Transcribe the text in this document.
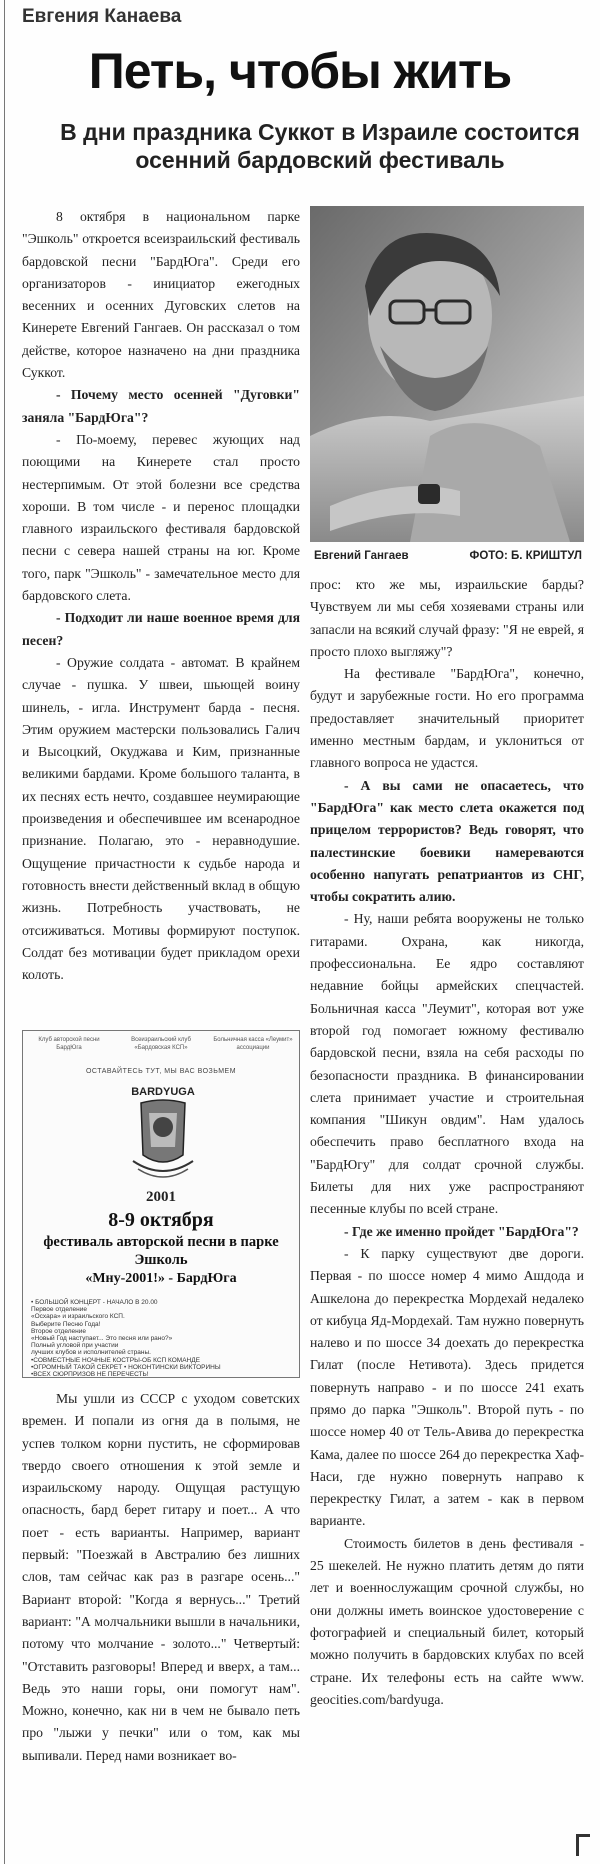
Евгения Канаева
Петь, чтобы жить
В дни праздника Суккот в Израиле состоится осенний бардовский фестиваль

8 октября в национальном парке "Эшколь" откроется всеизраильский фестиваль бардовской песни "БардЮга". Среди его организаторов - инициатор ежегодных весенних и осенних Дуговских слетов на Кинерете Евгений Гангаев. Он рассказал о том действе, которое назначено на дни праздника Суккот.

- Почему место осенней "Дуговки" заняла "БардЮга"?

- По-моему, перевес жующих над поющими на Кинерете стал просто нестерпимым. От этой болезни все средства хороши. В том числе - и перенос площадки главного израильского фестиваля бардовской песни с севера нашей страны на юг. Кроме того, парк "Эшколь" - замечательное место для бардовского слета.

- Подходит ли наше военное время для песен?

- Оружие солдата - автомат. В крайнем случае - пушка. У швеи, шьющей воину шинель, - игла. Инструмент барда - песня. Этим оружием мастерски пользовались Галич и Высоцкий, Окуджава и Ким, признанные великими бардами. Кроме большого таланта, в их песнях есть нечто, создавшее неумирающие произведения и обеспечившее им всенародное признание. Полагаю, это - неравнодушие. Ощущение причастности к судьбе народа и готовность внести действенный вклад в общую жизнь. Потребность участвовать, не отсиживаться. Мотивы формируют поступок. Солдат без мотивации будет прикладом орехи колоть.

Евгений Гангаев	ФОТО: Б. КРИШТУЛ

прос: кто же мы, израильские барды? Чувствуем ли мы себя хозяевами страны или запасли на всякий случай фразу: "Я не еврей, я просто плохо выгляжу"?

На фестивале "БардЮга", конечно, будут и зарубежные гости. Но его программа предоставляет значительный приоритет именно местным бардам, и уклониться от главного вопроса не удастся.

- А вы сами не опасаетесь, что "БардЮга" как место слета окажется под прицелом террористов? Ведь говорят, что палестинские боевики намереваются особенно напугать репатриантов из СНГ, чтобы сократить алию.

- Ну, наши ребята вооружены не только гитарами. Охрана, как никогда, профессиональна. Ее ядро составляют недавние бойцы армейских спецчастей. Больничная касса "Леумит", которая вот уже второй год помогает южному фестивалю бардовской песни, взяла на себя расходы по безопасности праздника. В финансировании слета принимает участие и строительная компания "Шикун овдим". Нам удалось обеспечить право бесплатного входа на "БардЮгу" для солдат срочной службы. Билеты для них уже распространяют песенные клубы по всей стране.

- Где же именно пройдет "БардЮга"?

- К парку существуют две дороги. Первая - по шоссе номер 4 мимо Ашдода и Ашкелона до перекрестка Мордехай недалеко от кибуца Яд-Мордехай. Там нужно повернуть налево и по шоссе 34 доехать до перекрестка Гилат (после Нетивота). Здесь придется повернуть направо - и по шоссе 241 ехать прямо до парка "Эшколь". Второй путь - по шоссе номер 40 от Тель-Авива до перекрестка Кама, далее по шоссе 264 до перекрестка Хаф-Наси, где нужно повернуть направо к перекрестку Гилат, а затем - как в первом варианте.

Стоимость билетов в день фестиваля - 25 шекелей. Не нужно платить детям до пяти лет и военнослужащим срочной службы, но они должны иметь воинское удостоверение с фотографией и специальный билет, который можно получить в бардовских клубах по всей стране. Их телефоны есть на сайте www. geocities.com/bardyuga.

Клуб авторской песни БардЮга
Всеизраильский клуб «Бардовская КСП»
Больничная касса «Леумит» ассоциации
ОСТАВАЙТЕСЬ ТУТ, МЫ ВАС ВОЗЬМЕМ
BARDYUGA
2001
8-9 октября
фестиваль авторской песни в парке
Эшколь
«Мну-2001!» - БардЮга
• БОЛЬШОЙ КОНЦЕРТ - НАЧАЛО В 20.00
Первое отделение
«Осхара» и израильского КСП.
Выберите Песню Года!
Второе отделение
«Новый Год наступает... Это песня или рано?»
Полный угловой при участии
лучших клубов и исполнителей страны.
•СОВМЕСТНЫЕ НОЧНЫЕ КОСТРЫ-ОБ КСП КОМАНДЕ
•ОГРОМНЫЙ ТАКОЙ СЕКРЕТ • НОКОНТИНСКИ ВИКТОРИНЫ
•ВСЕХ СЮРПРИЗОВ НЕ ПЕРЕЧЕСТЬ!

Мы ушли из СССР с уходом советских времен. И попали из огня да в полымя, не успев толком корни пустить, не сформировав твердо своего отношения к этой земле и израильскому народу. Ощущая растущую опасность, бард берет гитару и поет... А что поет - есть варианты. Например, вариант первый: "Поезжай в Австралию без лишних слов, там сейчас как раз в разгаре осень..." Вариант второй: "Когда я вернусь..." Третий вариант: "А молчальники вышли в начальники, потому что молчание - золото..." Четвертый: "Отставить разговоры! Вперед и вверх, а там... Ведь это наши горы, они помогут нам". Можно, конечно, как ни в чем не бывало петь про "лыжи у печки" или о том, как мы выпивали. Перед нами возникает во-
